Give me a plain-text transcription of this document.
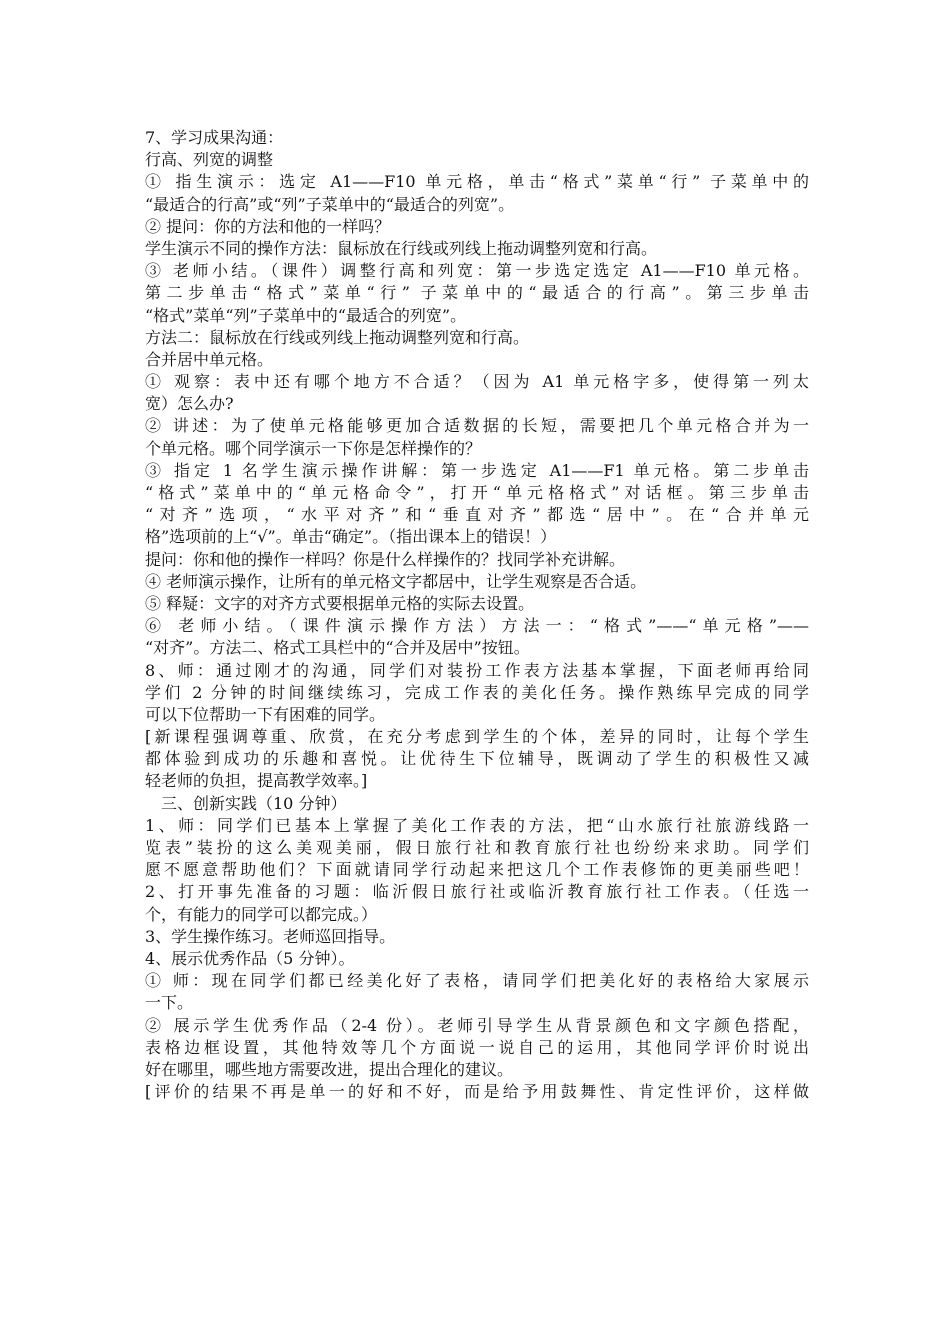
7、学习成果沟通：
行高、列宽的调整
① 指生演示：选定 A1——F10 单元格，单击“格式”菜单“行” 子菜单中的
“最适合的行高”或“列”子菜单中的“最适合的列宽”。
② 提问：你的方法和他的一样吗？
学生演示不同的操作方法：鼠标放在行线或列线上拖动调整列宽和行高。
③ 老师小结。（课件）调整行高和列宽：第一步选定选定 A1——F10 单元格。
第二步单击“格式”菜单“行” 子菜单中的“最适合的行高”。第三步单击
“格式”菜单“列”子菜单中的“最适合的列宽”。
方法二：鼠标放在行线或列线上拖动调整列宽和行高。
合并居中单元格。
① 观察：表中还有哪个地方不合适？（因为 A1 单元格字多，使得第一列太
宽）怎么办?
② 讲述：为了使单元格能够更加合适数据的长短，需要把几个单元格合并为一
个单元格。哪个同学演示一下你是怎样操作的？
③ 指定 1 名学生演示操作讲解：第一步选定 A1——F1 单元格。第二步单击
“格式”菜单中的“单元格命令”，打开“单元格格式”对话框。第三步单击
“对齐”选项，“水平对齐”和“垂直对齐”都选“居中”。在“合并单元
格”选项前的上“√”。单击“确定”。（指出课本上的错误！）
提问：你和他的操作一样吗？你是什么样操作的？找同学补充讲解。
④ 老师演示操作，让所有的单元格文字都居中，让学生观察是否合适。
⑤ 释疑：文字的对齐方式要根据单元格的实际去设置。
⑥ 老师小结。（课件演示操作方法）方法一：“格式”——“单元格”——
“对齐”。方法二、格式工具栏中的“合并及居中”按钮。
8、师：通过刚才的沟通，同学们对装扮工作表方法基本掌握，下面老师再给同
学们 2 分钟的时间继续练习，完成工作表的美化任务。操作熟练早完成的同学
可以下位帮助一下有困难的同学。
[新课程强调尊重、欣赏，在充分考虑到学生的个体，差异的同时，让每个学生
都体验到成功的乐趣和喜悦。让优待生下位辅导，既调动了学生的积极性又减
轻老师的负担，提高教学效率。]
三、创新实践（10 分钟）
1、师：同学们已基本上掌握了美化工作表的方法，把“山水旅行社旅游线路一
览表”装扮的这么美观美丽，假日旅行社和教育旅行社也纷纷来求助。同学们
愿不愿意帮助他们？下面就请同学行动起来把这几个工作表修饰的更美丽些吧！
2、打开事先准备的习题：临沂假日旅行社或临沂教育旅行社工作表。（任选一
个，有能力的同学可以都完成。）
3、学生操作练习。老师巡回指导。
4、展示优秀作品（5 分钟）。
① 师：现在同学们都已经美化好了表格，请同学们把美化好的表格给大家展示
一下。
② 展示学生优秀作品（2-4 份）。老师引导学生从背景颜色和文字颜色搭配，
表格边框设置，其他特效等几个方面说一说自己的运用，其他同学评价时说出
好在哪里，哪些地方需要改进，提出合理化的建议。
[评价的结果不再是单一的好和不好，而是给予用鼓舞性、肯定性评价，这样做
